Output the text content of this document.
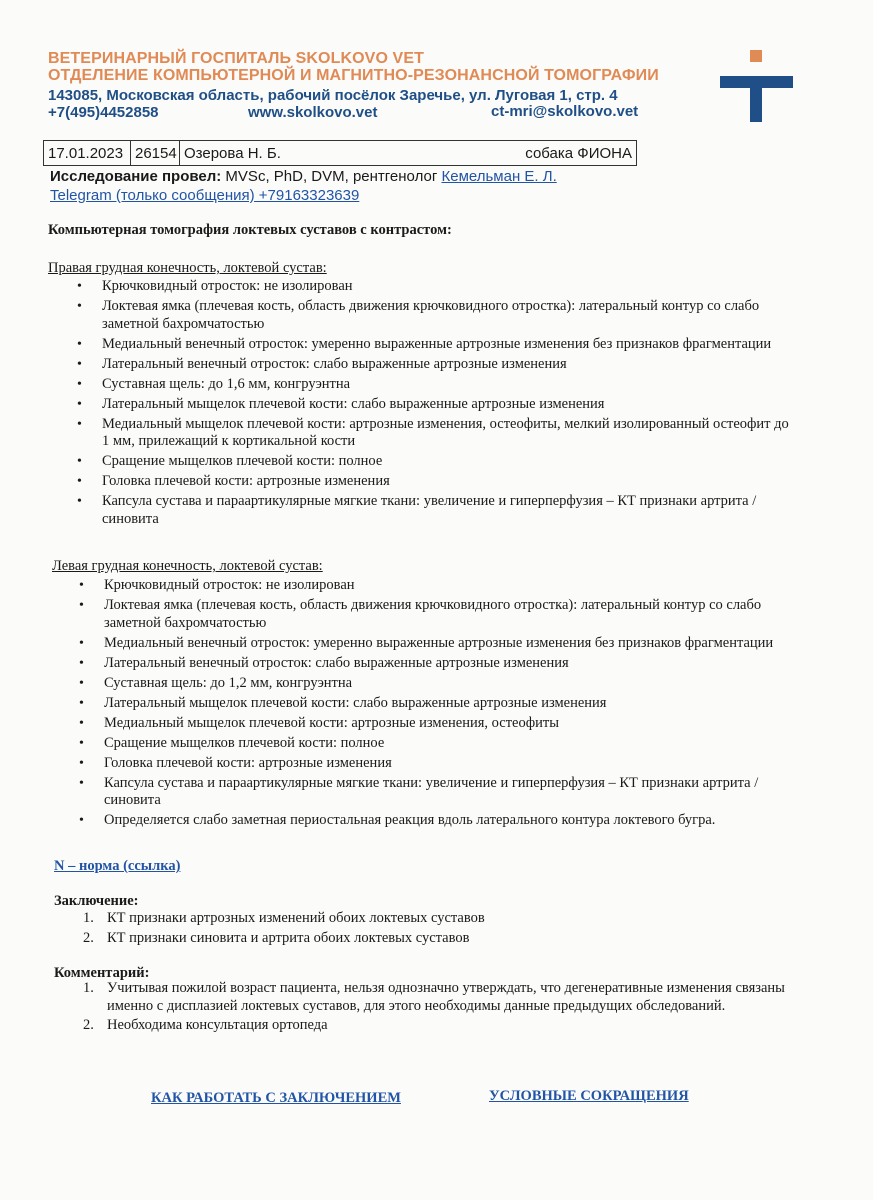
ВЕТЕРИНАРНЫЙ ГОСПИТАЛЬ SKOLKOVO VET
ОТДЕЛЕНИЕ КОМПЬЮТЕРНОЙ И МАГНИТНО-РЕЗОНАНСНОЙ ТОМОГРАФИИ
143085, Московская область, рабочий посёлок Заречье, ул. Луговая 1, стр. 4
+7(495)4452858	www.skolkovo.vet	ct-mri@skolkovo.vet
17.01.2023 26154 Озерова Н. Б.	собака ФИОНА
Исследование провел: MVSc, PhD, DVM, рентгенолог Кемельман Е. Л.
Telegram (только сообщения) +79163323639
Компьютерная томография локтевых суставов с контрастом:
Правая грудная конечность, локтевой сустав:
• Крючковидный отросток: не изолирован
• Локтевая ямка (плечевая кость, область движения крючковидного отростка): латеральный контур со слабо заметной бахромчатостью
• Медиальный венечный отросток: умеренно выраженные артрозные изменения без признаков фрагментации
• Латеральный венечный отросток: слабо выраженные артрозные изменения
• Суставная щель: до 1,6 мм, конгруэнтна
• Латеральный мыщелок плечевой кости: слабо выраженные артрозные изменения
• Медиальный мыщелок плечевой кости: артрозные изменения, остеофиты, мелкий изолированный остеофит до 1 мм, прилежащий к кортикальной кости
• Сращение мыщелков плечевой кости: полное
• Головка плечевой кости: артрозные изменения
• Капсула сустава и параартикулярные мягкие ткани: увеличение и гиперперфузия – КТ признаки артрита / синовита
Левая грудная конечность, локтевой сустав:
• Крючковидный отросток: не изолирован
• Локтевая ямка (плечевая кость, область движения крючковидного отростка): латеральный контур со слабо заметной бахромчатостью
• Медиальный венечный отросток: умеренно выраженные артрозные изменения без признаков фрагментации
• Латеральный венечный отросток: слабо выраженные артрозные изменения
• Суставная щель: до 1,2 мм, конгруэнтна
• Латеральный мыщелок плечевой кости: слабо выраженные артрозные изменения
• Медиальный мыщелок плечевой кости: артрозные изменения, остеофиты
• Сращение мыщелков плечевой кости: полное
• Головка плечевой кости: артрозные изменения
• Капсула сустава и параартикулярные мягкие ткани: увеличение и гиперперфузия – КТ признаки артрита / синовита
• Определяется слабо заметная периостальная реакция вдоль латерального контура локтевого бугра.
N – норма (ссылка)
Заключение:
1. КТ признаки артрозных изменений обоих локтевых суставов
2. КТ признаки синовита и артрита обоих локтевых суставов
Комментарий:
1. Учитывая пожилой возраст пациента, нельзя однозначно утверждать, что дегенеративные изменения связаны именно с дисплазией локтевых суставов, для этого необходимы данные предыдущих обследований.
2. Необходима консультация ортопеда
КАК РАБОТАТЬ С ЗАКЛЮЧЕНИЕМ	УСЛОВНЫЕ СОКРАЩЕНИЯ
